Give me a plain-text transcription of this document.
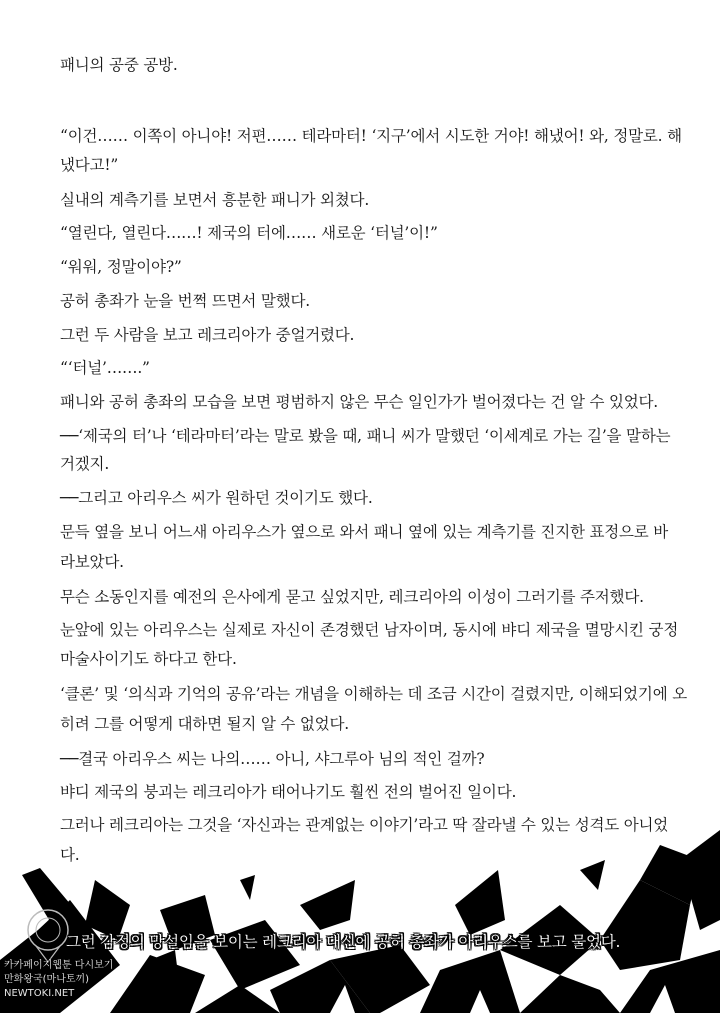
패니의 공중 공방.
“이건…… 이쪽이 아니야! 저편…… 테라마터! ‘지구’에서 시도한 거야! 해냈어! 와, 정말로. 해
냈다고!”
실내의 계측기를 보면서 흥분한 패니가 외쳤다.
“열린다, 열린다……! 제국의 터에…… 새로운 ‘터널’이!”
“워워, 정말이야?”
공허 총좌가 눈을 번쩍 뜨면서 말했다.
그런 두 사람을 보고 레크리아가 중얼거렸다.
“‘터널’…….”
패니와 공허 총좌의 모습을 보면 평범하지 않은 무슨 일인가가 벌어졌다는 건 알 수 있었다.
──‘제국의 터’나 ‘테라마터’라는 말로 봤을 때, 패니 씨가 말했던 ‘이세계로 가는 길’을 말하는
거겠지.
──그리고 아리우스 씨가 원하던 것이기도 했다.
문득 옆을 보니 어느새 아리우스가 옆으로 와서 패니 옆에 있는 계측기를 진지한 표정으로 바
라보았다.
무슨 소동인지를 예전의 은사에게 묻고 싶었지만, 레크리아의 이성이 그러기를 주저했다.
눈앞에 있는 아리우스는 실제로 자신이 존경했던 남자이며, 동시에 뱌디 제국을 멸망시킨 궁정
마술사이기도 하다고 한다.
‘클론’ 및 ‘의식과 기억의 공유’라는 개념을 이해하는 데 조금 시간이 걸렸지만, 이해되었기에 오
히려 그를 어떻게 대하면 될지 알 수 없었다.
──결국 아리우스 씨는 나의…… 아니, 샤그루아 님의 적인 걸까?
뱌디 제국의 붕괴는 레크리아가 태어나기도 훨씬 전의 벌어진 일이다.
그러나 레크리아는 그것을 ‘자신과는 관계없는 이야기’라고 딱 잘라낼 수 있는 성격도 아니었
다.
그런 감정의 망설임을 보이는 레크리아 대신에 공허 총좌가 아리우스를 보고 물었다.
카카페이지웹툰 다시보기
만화왕국(마나토끼)
NEWTOKI.NET
